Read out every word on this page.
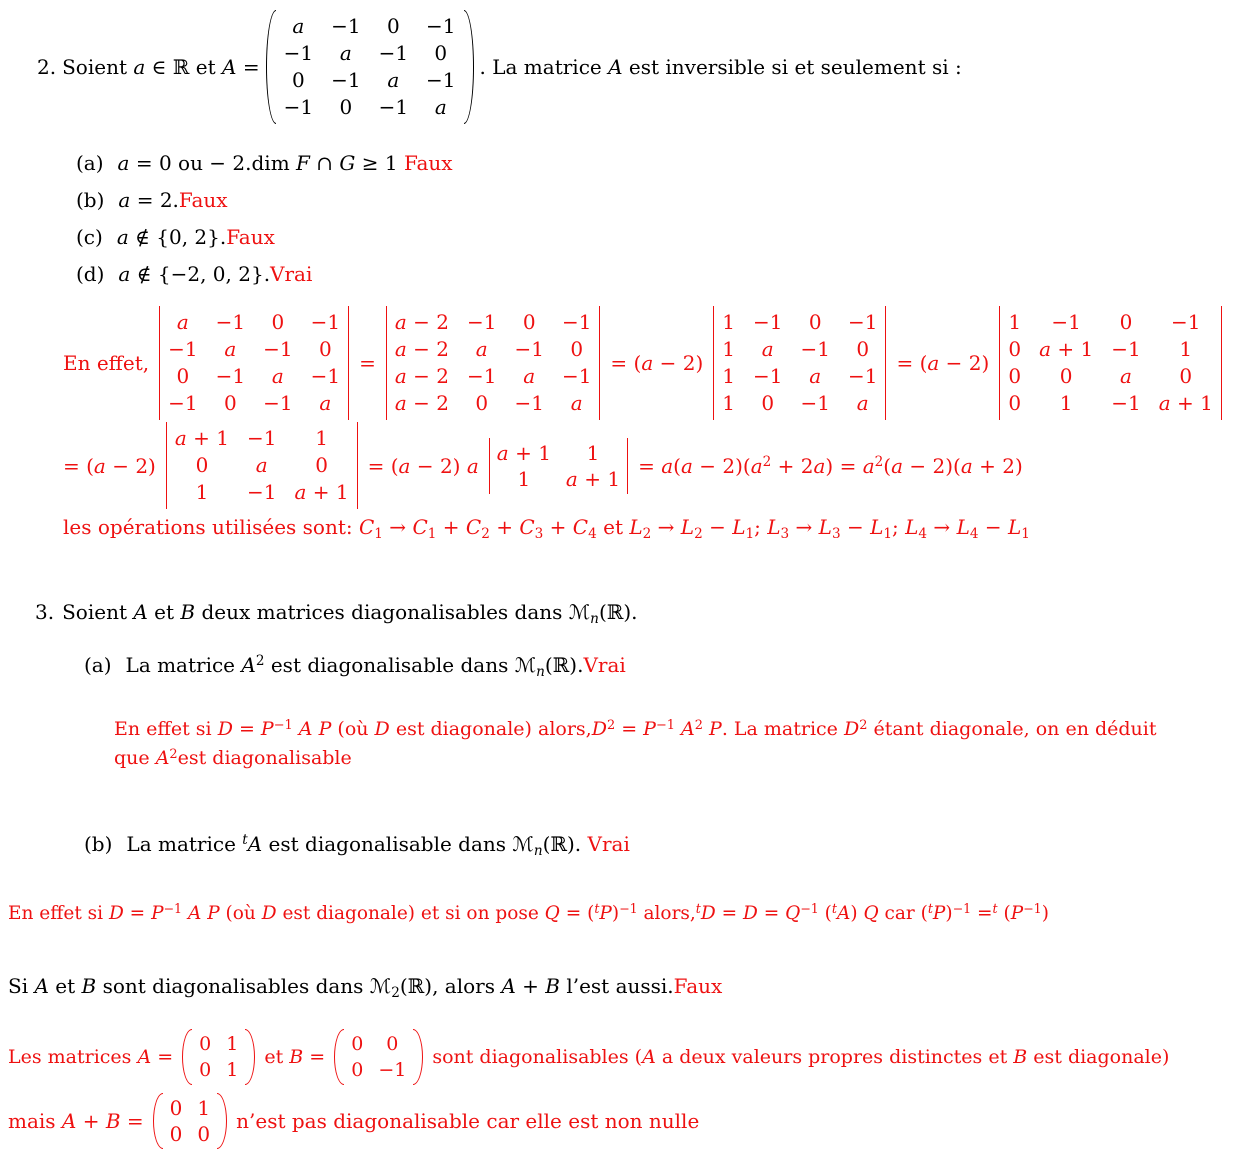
2. Soient a ∈ ℝ et A =
a −1 0 −1
−1 a −1 0
0 −1 a −1
−1 0 −1 a
. La matrice A est inversible si et seulement si :
(a) a = 0 ou − 2.dim F ∩ G ≥ 1 Faux
(b) a = 2.Faux
(c) a ∉ {0, 2}.Faux
(d) a ∉ {−2, 0, 2}.Vrai
En effet,
a −1 0 −1
−1 a −1 0
0 −1 a −1
−1 0 −1 a
=
a − 2 −1 0 −1
a − 2 a −1 0
a − 2 −1 a −1
a − 2 0 −1 a
= (a − 2)
1 −1 0 −1
1 a −1 0
1 −1 a −1
1 0 −1 a
= (a − 2)
1 −1 0 −1
0 a + 1 −1 1
0 0 a 0
0 1 −1 a + 1
= (a − 2)
a + 1 −1 1
0 a 0
1 −1 a + 1
= (a − 2) a
a + 1 1
1 a + 1
= $a(a - 2)(a^2 + 2a) = a^2(a - 2)(a + 2)$
les opérations utilisées sont: $C_1 \to C_1 + C_2 + C_3 + C_4$ et $L_2 \to L_2 - L_1$; $L_3 \to L_3 - L_1$; $L_4 \to L_4 - L_1$
3. Soient A et B deux matrices diagonalisables dans ℳ$_n$(ℝ).
(a) La matrice $A^2$ est diagonalisable dans ℳ$_n$(ℝ).Vrai
En effet si $D = P^{-1}$ A P (où D est diagonale) $alors,D^2 = P^{-1}$ $A^2$ P. La matrice $D^2$ étant diagonale, on en déduit
que $A^2est$ diagonalisable
(b) La matrice $^t$A est diagonalisable dans ℳ$_n$(ℝ). Vrai
En effet si $D = P^{-1}$ A P (où D est diagonale) et si on pose $Q = (^tP)^{-1}$ alors,$^t$D = $D = Q^{-1}$ ($^t$A) Q car $(^tP)^{-1} =^t$ $(P^{-1})$
Si A et B sont diagonalisables dans ℳ$_2$(ℝ), alors A + B l’est aussi.Faux
Les matrices A =
0 1
0 1
et B =
0 0
0 −1
sont diagonalisables (A a deux valeurs propres distinctes et B est diagonale)
mais A + B =
0 1
0 0
n’est pas diagonalisable car elle est non nulle
